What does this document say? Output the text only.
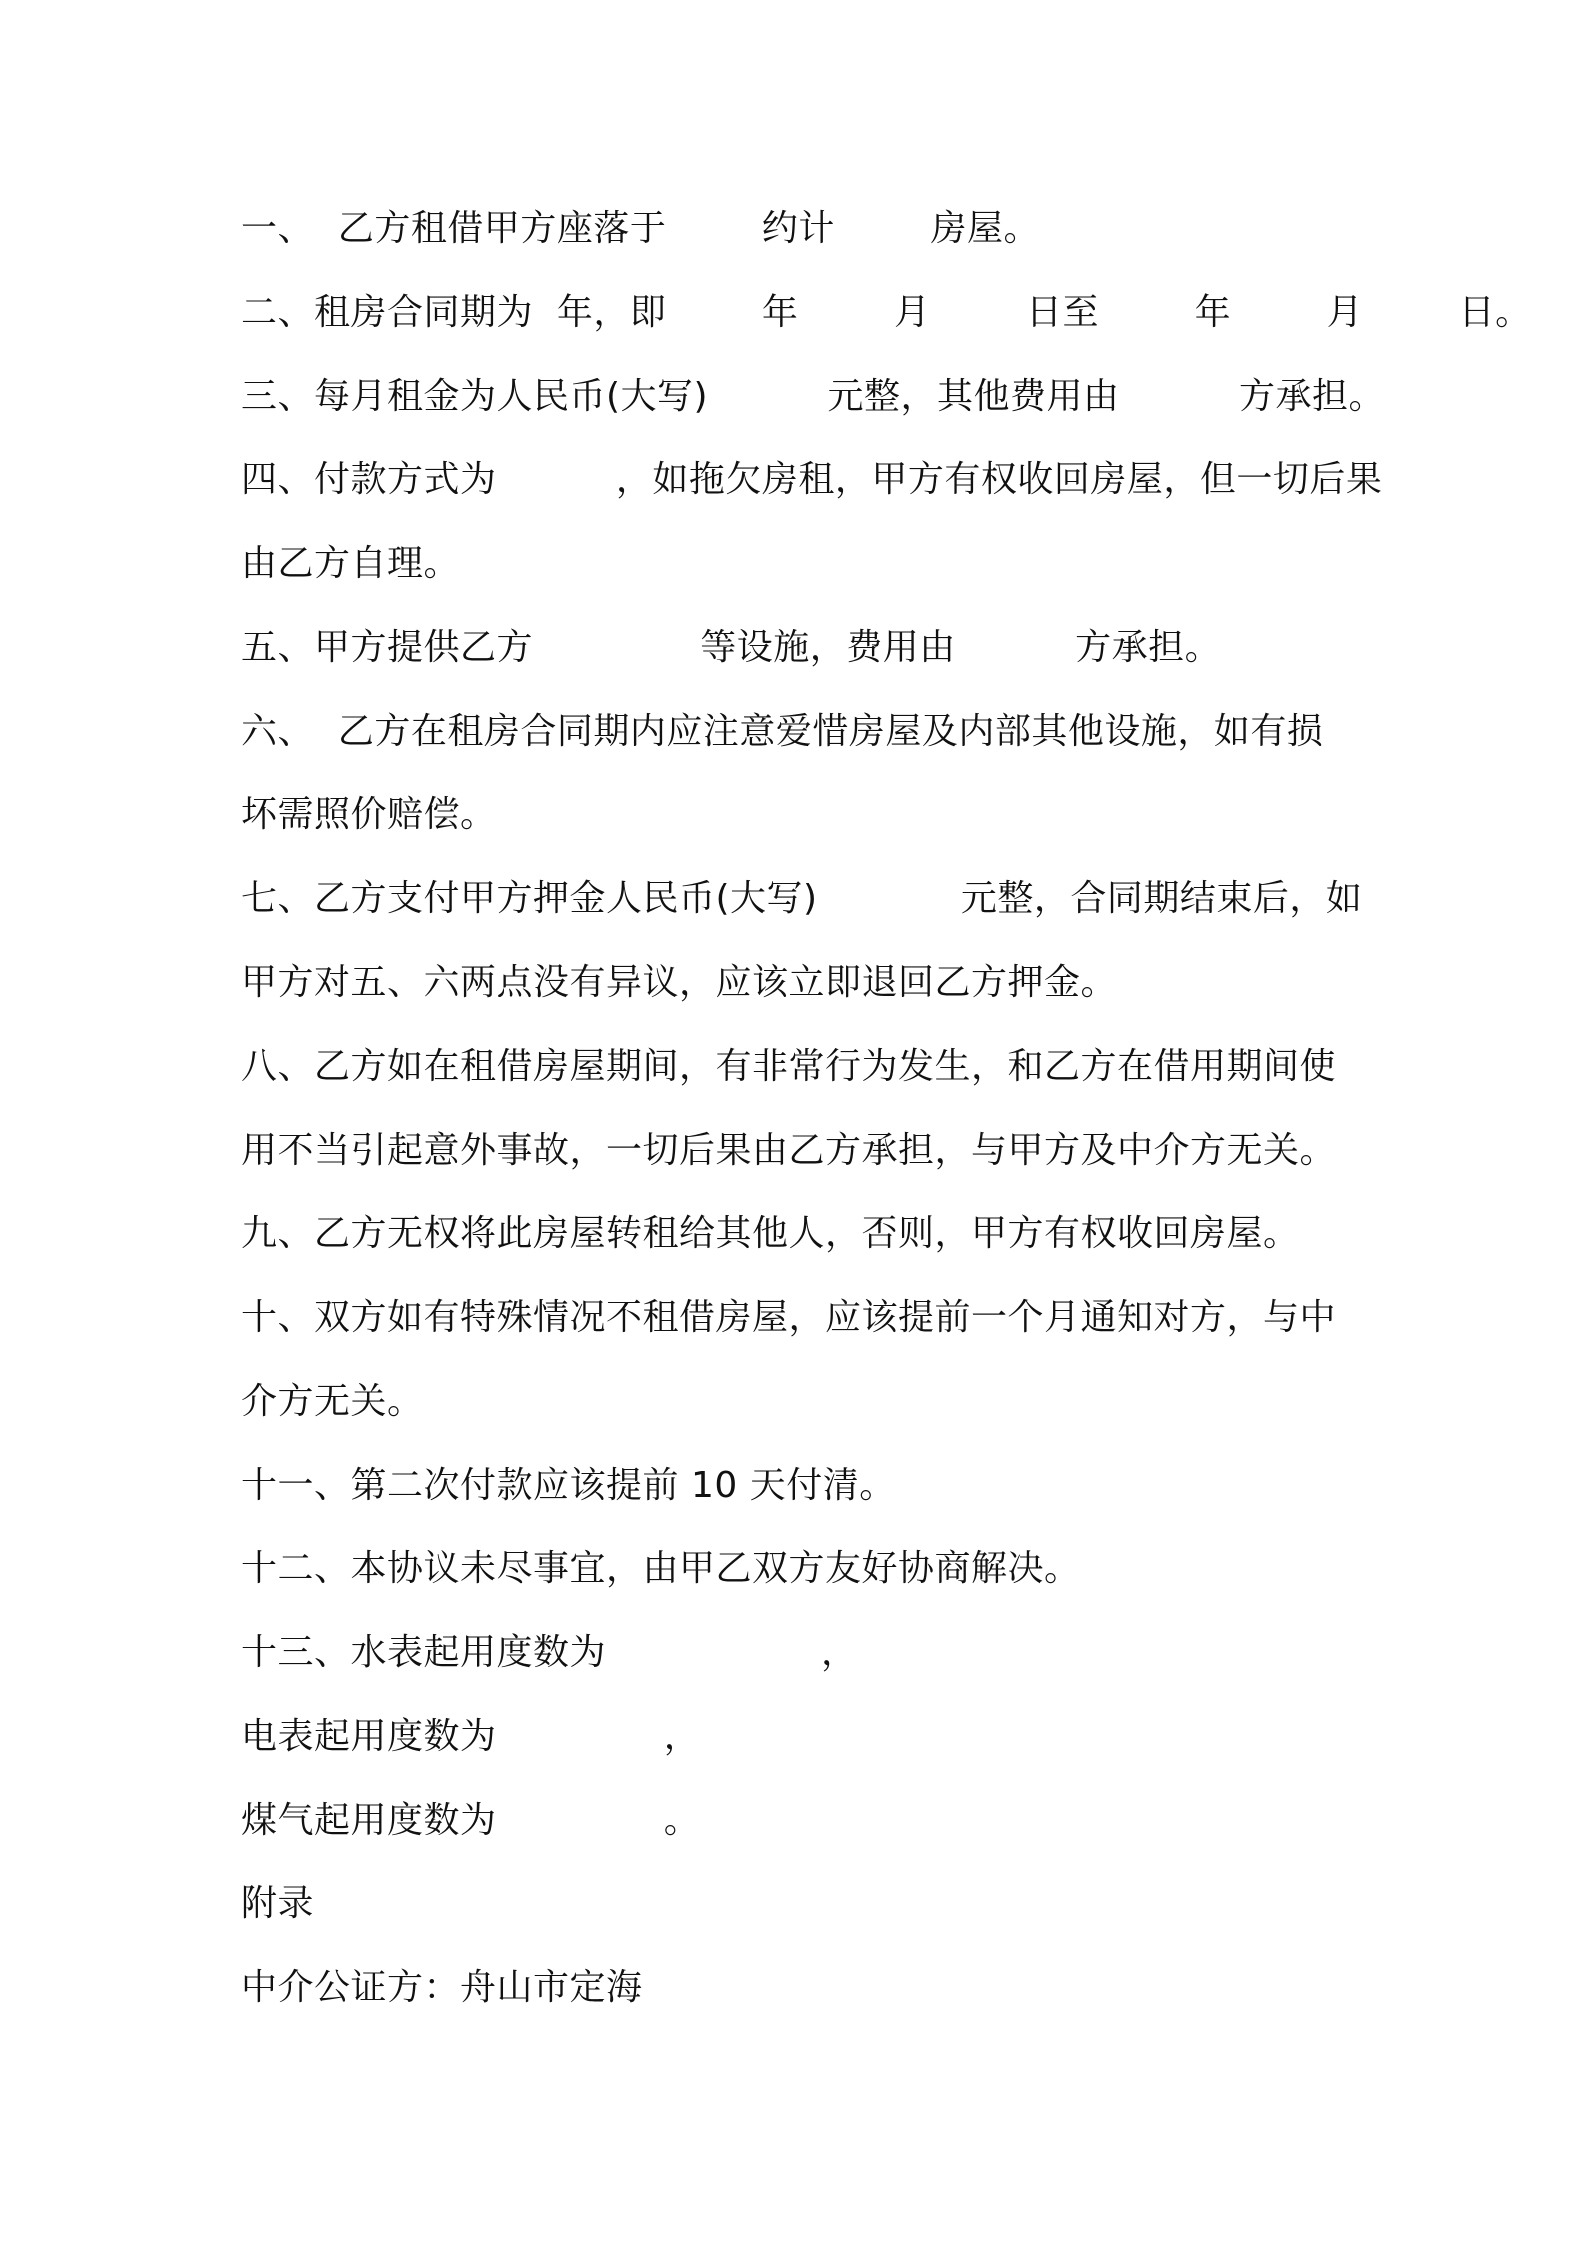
一、  乙方租借甲方座落于        约计        房屋。
二、租房合同期为  年，即        年        月        日至        年        月        日。
三、每月租金为人民币(大写)          元整，其他费用由          方承担。
四、付款方式为          ，如拖欠房租，甲方有权收回房屋，但一切后果
由乙方自理。
五、甲方提供乙方              等设施，费用由          方承担。
六、  乙方在租房合同期内应注意爱惜房屋及内部其他设施，如有损
坏需照价赔偿。
七、乙方支付甲方押金人民币(大写)            元整，合同期结束后，如
甲方对五、六两点没有异议，应该立即退回乙方押金。
八、乙方如在租借房屋期间，有非常行为发生，和乙方在借用期间使
用不当引起意外事故，一切后果由乙方承担，与甲方及中介方无关。
九、乙方无权将此房屋转租给其他人，否则，甲方有权收回房屋。
十、双方如有特殊情况不租借房屋，应该提前一个月通知对方，与中
介方无关。
十一、第二次付款应该提前 10 天付清。
十二、本协议未尽事宜，由甲乙双方友好协商解决。
十三、水表起用度数为                  ，
电表起用度数为              ，
煤气起用度数为              。
附录
中介公证方：舟山市定海
